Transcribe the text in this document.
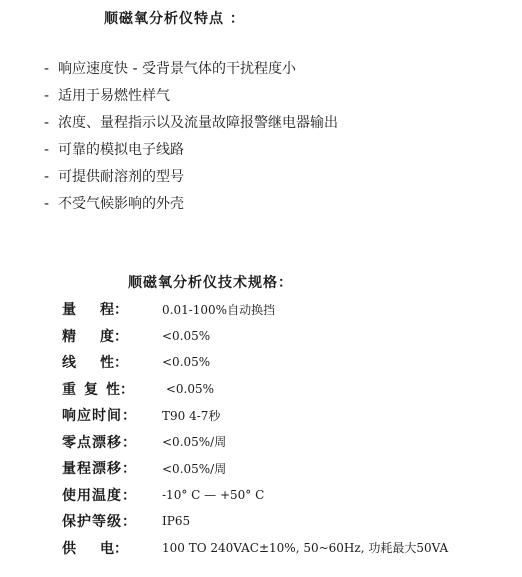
顺磁氧分析仪特点 ：
- 响应速度快 - 受背景气体的干扰程度小
- 适用于易燃性样气
- 浓度、量程指示以及流量故障报警继电器输出
- 可靠的模拟电子线路
- 可提供耐溶剂的型号
- 不受气候影响的外壳
顺磁氧分析仪技术规格：
量 程：	0.01-100%自动换挡
精 度：	<0.05%
线 性：	<0.05%
重 复 性： <0.05%
响应时间： T90 4-7秒
零点漂移： <0.05%/周
量程漂移： <0.05%/周
使用温度： -10° C — +50° C
保护等级： IP65
供 电：	100 TO 240VAC±10%, 50~60Hz, 功耗最大50VA
